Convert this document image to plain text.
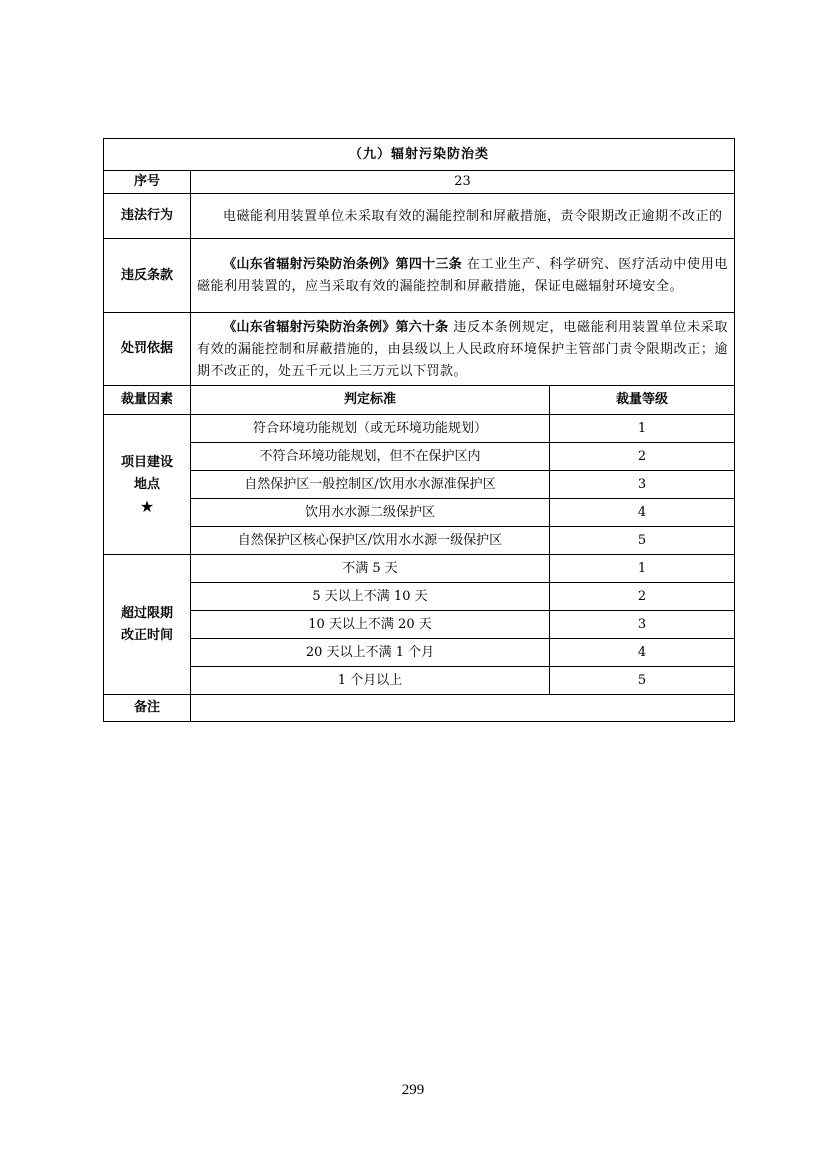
（九）辐射污染防治类		
序号	23	
违法行为	电磁能利用装置单位未采取有效的漏能控制和屏蔽措施，责令限期改正逾期不改正的	
违反条款	《山东省辐射污染防治条例》第四十三条 在工业生产、科学研究、医疗活动中使用电磁能利用装置的，应当采取有效的漏能控制和屏蔽措施，保证电磁辐射环境安全。	
处罚依据	《山东省辐射污染防治条例》第六十条 违反本条例规定，电磁能利用装置单位未采取有效的漏能控制和屏蔽措施的，由县级以上人民政府环境保护主管部门责令限期改正；逾期不改正的，处五千元以上三万元以下罚款。	
裁量因素	判定标准	裁量等级

项目建设
地点
★	符合环境功能规划（或无环境功能规划）	1
	不符合环境功能规划，但不在保护区内	2
	自然保护区一般控制区/饮用水水源准保护区	3
	饮用水水源二级保护区	4
	自然保护区核心保护区/饮用水水源一级保护区	5

超过限期
改正时间	不满 5 天	1
	5 天以上不满 10 天	2
	10 天以上不满 20 天	3
	20 天以上不满 1 个月	4
	1 个月以上	5
备注		
299
